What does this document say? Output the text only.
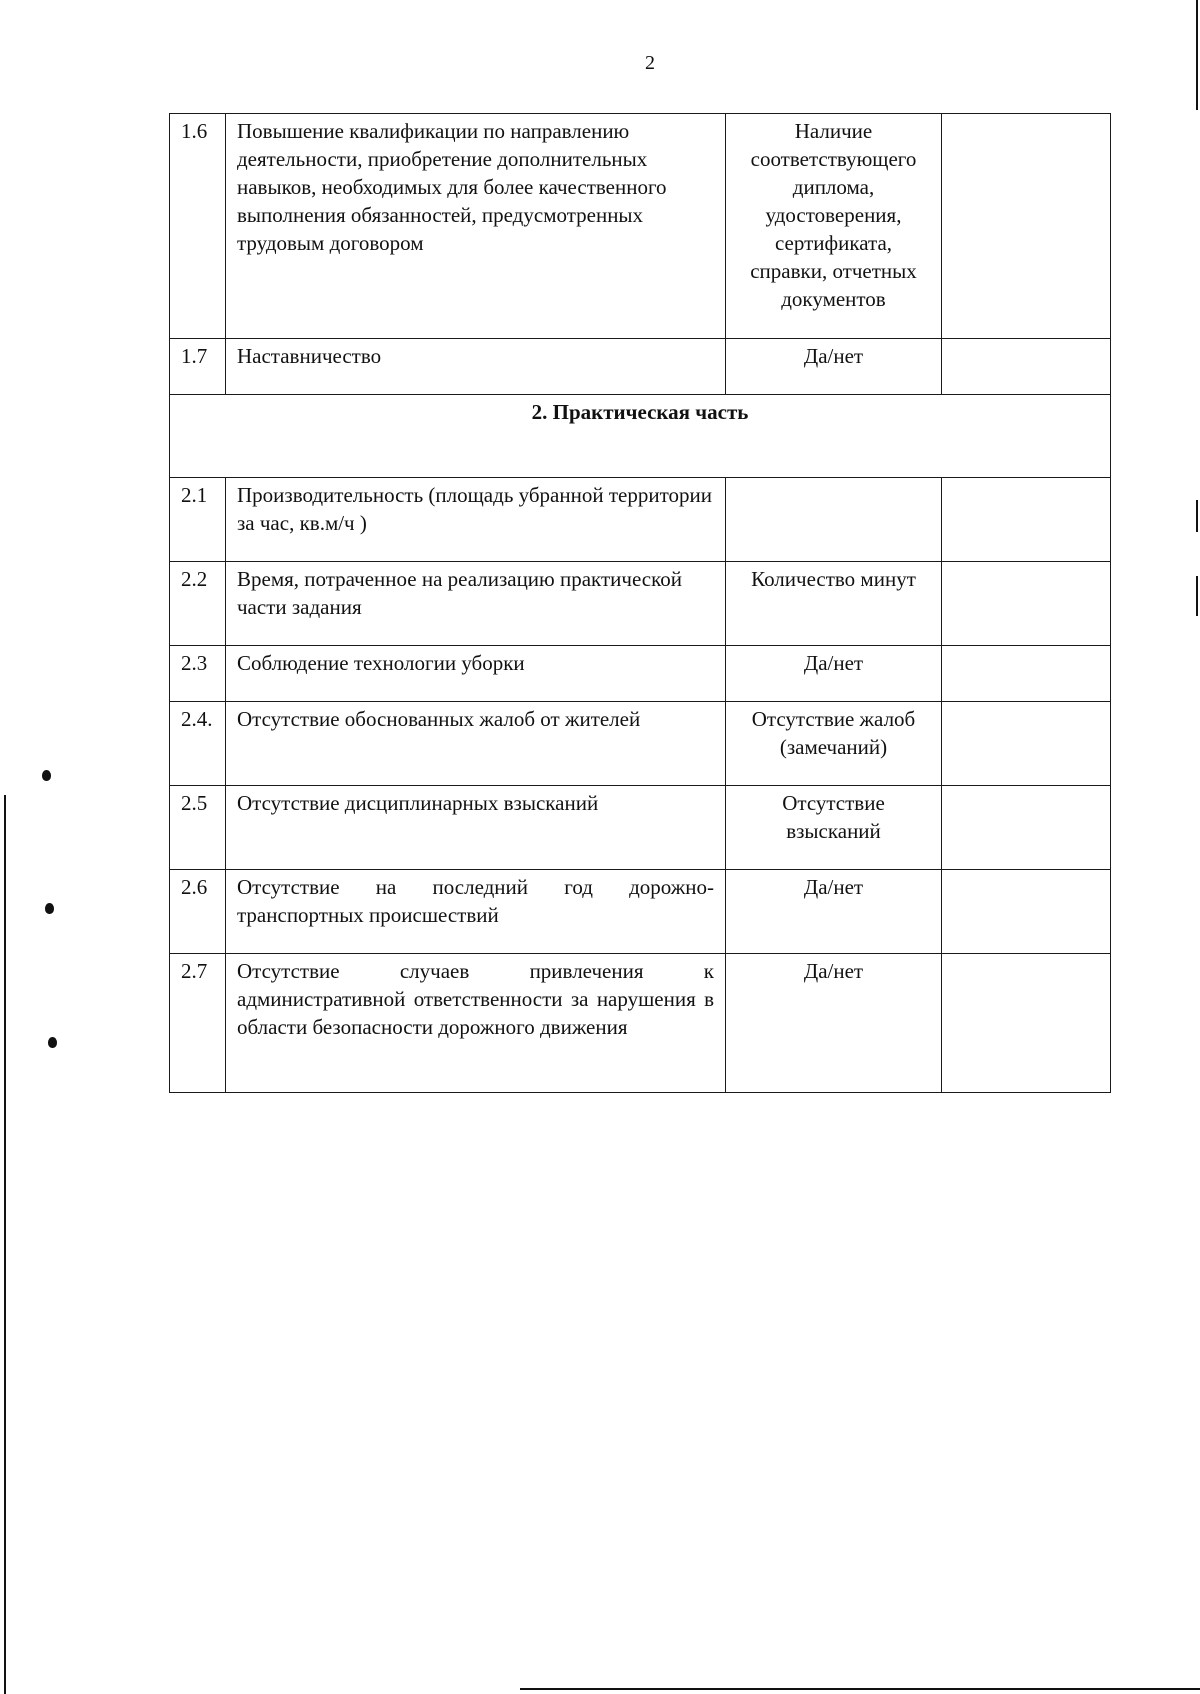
2
1.6	Повышение квалификации по направлению деятельности, приобретение дополнительных навыков, необходимых для более качественного выполнения обязанностей, предусмотренных трудовым договором	Наличие соответствующего диплома, удостоверения, сертификата, справки, отчетных документов	
1.7	Наставничество	Да/нет	
2. Практическая часть			
2.1	Производительность (площадь убранной территории за час, кв.м/ч )		
2.2	Время, потраченное на реализацию практической части задания	Количество минут	
2.3	Соблюдение технологии уборки	Да/нет	
2.4.	Отсутствие обоснованных жалоб от жителей	Отсутствие жалоб (замечаний)	
2.5	Отсутствие дисциплинарных взысканий	Отсутствие взысканий	
2.6	Отсутствие на последний год дорожно-транспортных происшествий	Да/нет	
2.7	Отсутствие случаев привлечения к административной ответственности за нарушения в области безопасности дорожного движения	Да/нет	
